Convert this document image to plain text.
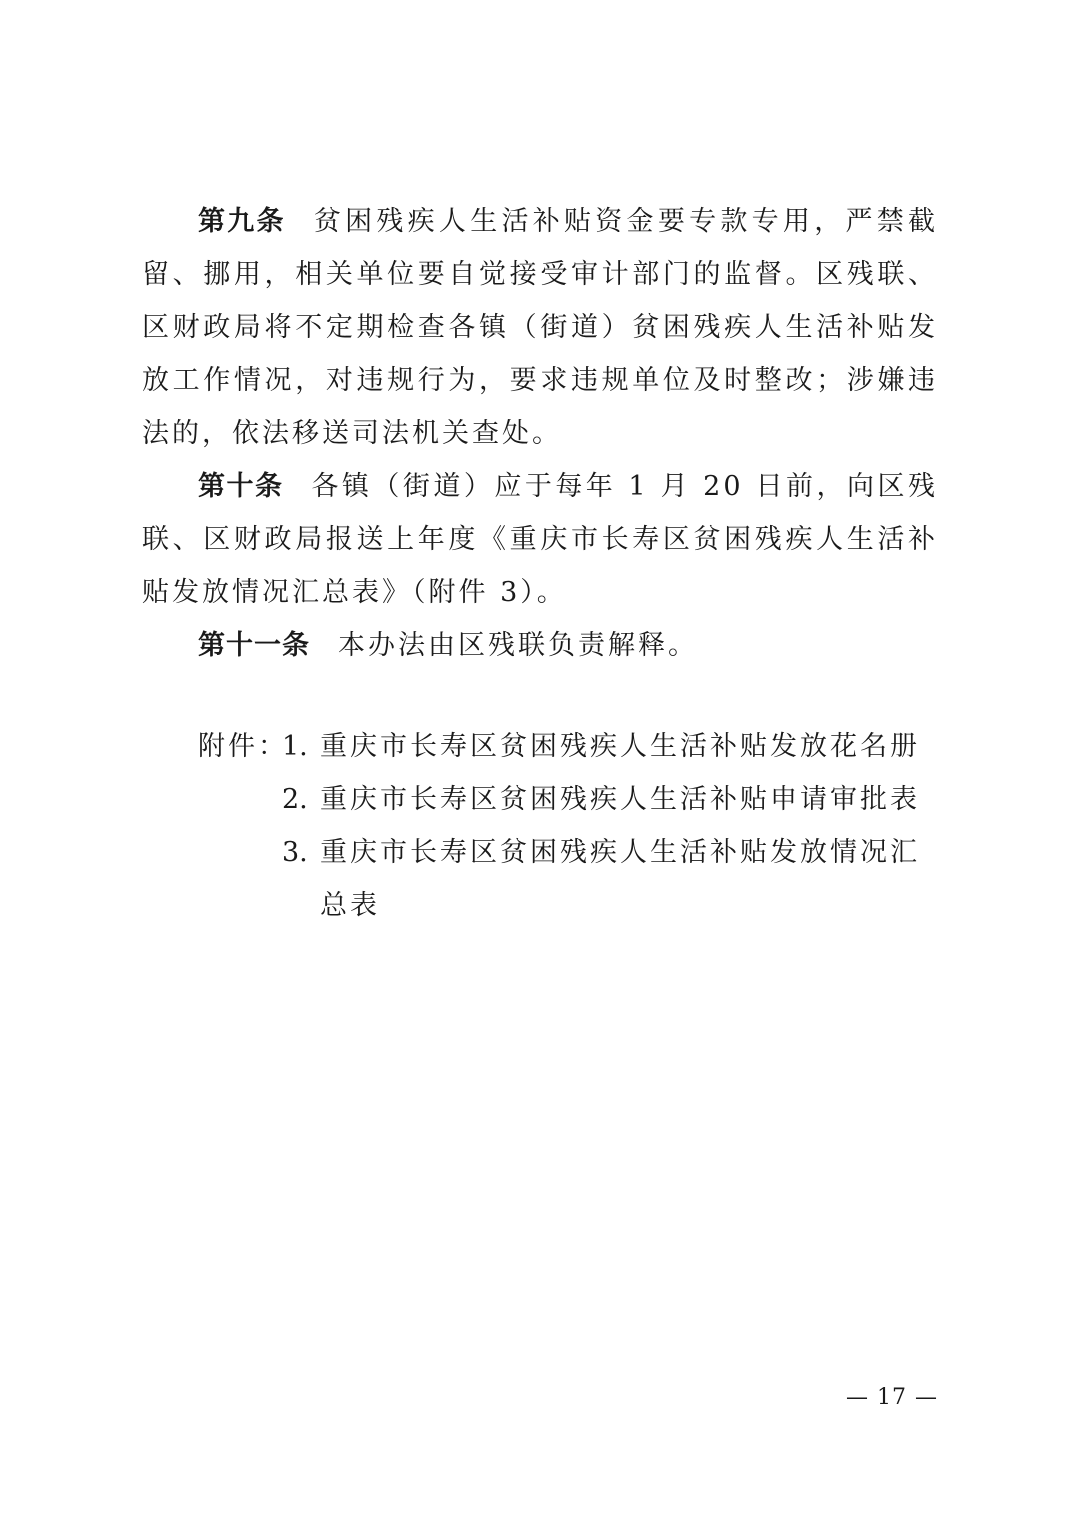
第九条 贫困残疾人生活补贴资金要专款专用，严禁截留、挪用，相关单位要自觉接受审计部门的监督。区残联、区财政局将不定期检查各镇（街道）贫困残疾人生活补贴发放工作情况，对违规行为，要求违规单位及时整改；涉嫌违法的，依法移送司法机关查处。

第十条 各镇（街道）应于每年 1 月 20 日前，向区残联、区财政局报送上年度《重庆市长寿区贫困残疾人生活补贴发放情况汇总表》（附件 3）。

第十一条 本办法由区残联负责解释。

附件：
1. 重庆市长寿区贫困残疾人生活补贴发放花名册
2. 重庆市长寿区贫困残疾人生活补贴申请审批表
3. 重庆市长寿区贫困残疾人生活补贴发放情况汇总表
— 17 —
